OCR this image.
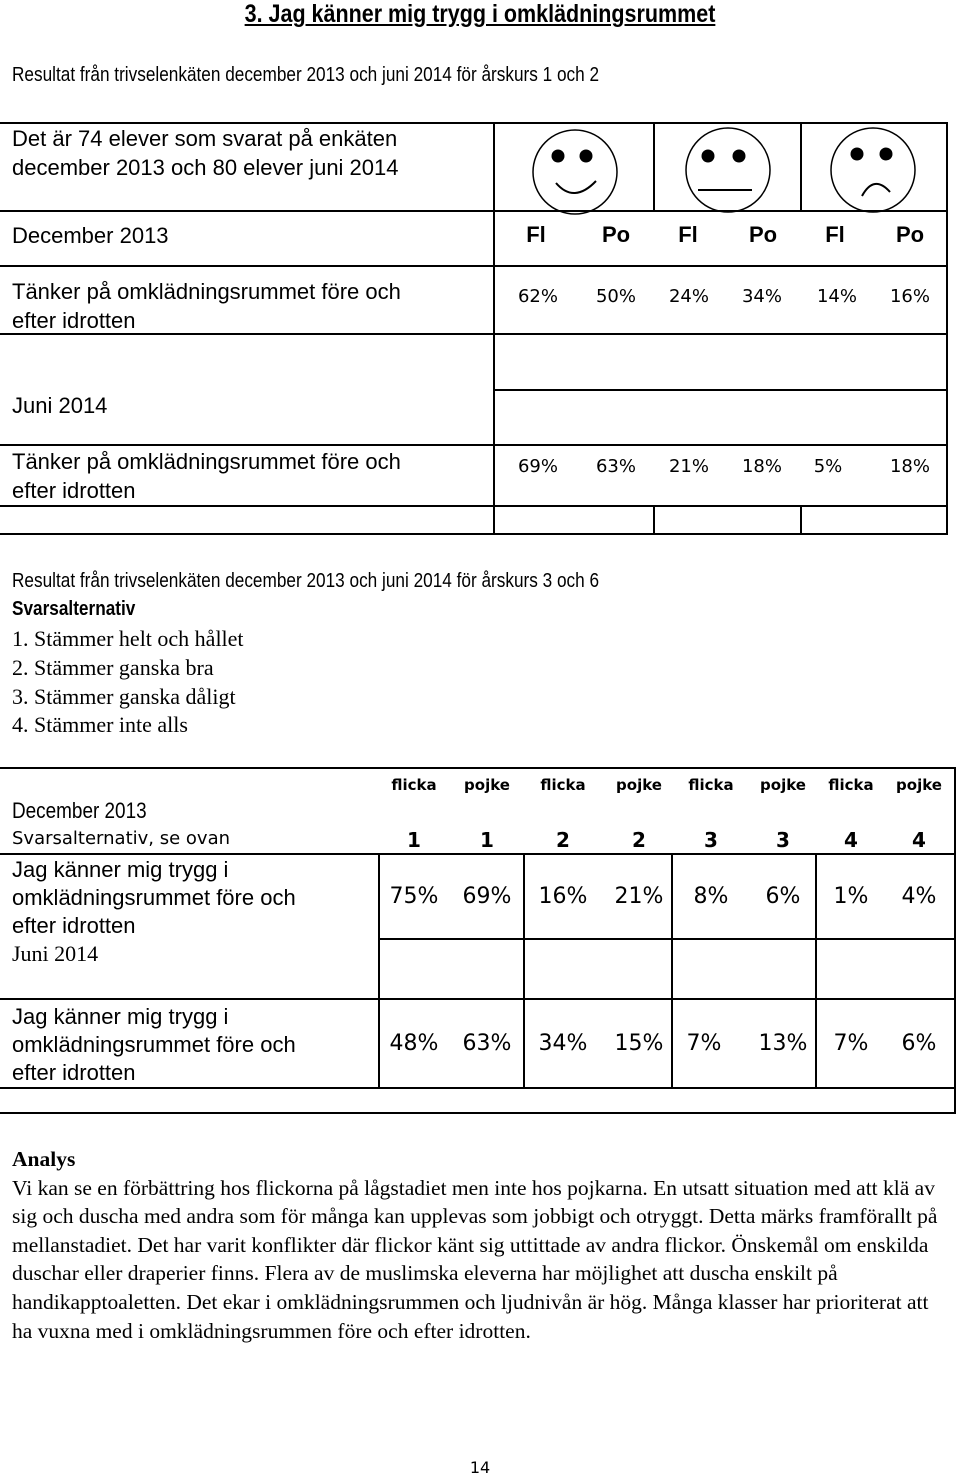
3. Jag känner mig trygg i omklädningsrummet
Resultat från trivselenkäten december 2013 och juni 2014 för årskurs 1 och 2
Det är 74 elever som svarat på enkäten
december 2013 och 80 elever juni 2014
December 2013	Fl	Po	Fl	Po	Fl	Po
Tänker på omklädningsrummet före och
efter idrotten
62%	50%	24%	34%	14%	16%
Juni 2014
Tänker på omklädningsrummet före och
efter idrotten
69%	63%	21%	18%	5%	18%
Resultat från trivselenkäten december 2013 och juni 2014 för årskurs 3 och 6
Svarsalternativ
1. Stämmer helt och hållet
2. Stämmer ganska bra
3. Stämmer ganska dåligt
4. Stämmer inte alls
flicka	pojke	flicka	pojke	flicka	pojke	flicka	pojke
December 2013
Svarsalternativ, se ovan	1	1	2	2	3	3	4	4
Jag känner mig trygg i
omklädningsrummet före och
efter idrotten
75%	69%	16%	21%	8%	6%	1%	4%
Juni 2014
Jag känner mig trygg i
omklädningsrummet före och
efter idrotten
48%	63%	34%	15%	7%	13%	7%	6%
Analys
Vi kan se en förbättring hos flickorna på lågstadiet men inte hos pojkarna. En utsatt situation med att klä av sig och duscha med andra som för många kan upplevas som jobbigt och otryggt. Detta märks framförallt på mellanstadiet. Det har varit konflikter där flickor känt sig uttittade av andra flickor. Önskemål om enskilda duschar eller draperier finns. Flera av de muslimska eleverna har möjlighet att duscha enskilt på handikapptoaletten. Det ekar i omklädningsrummen och ljudnivån är hög. Många klasser har prioriterat att ha vuxna med i omklädningsrummen före och efter idrotten.
14
